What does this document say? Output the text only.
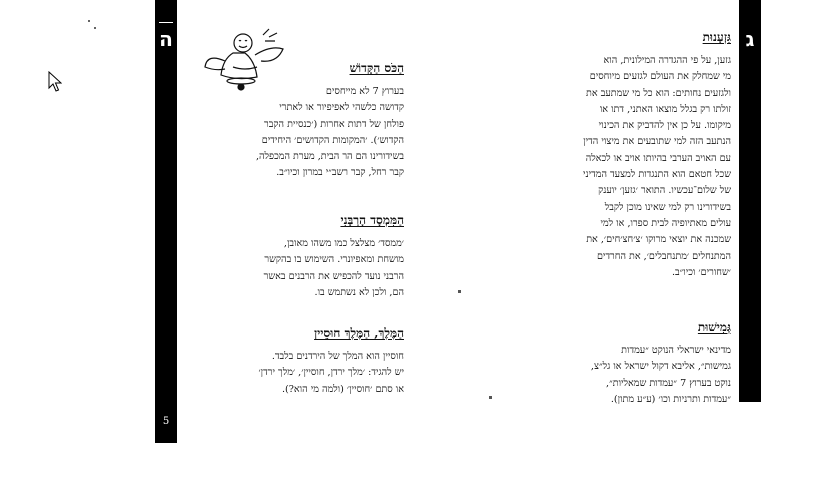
ה
5

הַכֹּס הַקָּדוֹשׁ

בערוץ 7 לא מייחסים
קדושה כלשהי לאפיפיור או לאתרי
פולחן של דתות אחרות (׳כנסיית הקבר
הקדוש׳). ׳המקומות הקדושים׳ היחידים
בשידורינו הם הר הבית, מערת המכפלה,
קבר רחל, קבר רשב״י במרון וכיו״ב.

הַמִּמְסָד הָרַבָּנִי

׳ממסד׳ מצלצל כמו משהו מאובן,
מושחת ומאפיונרי. השימוש בו בהקשר
הרבני נועד להכפיש את הרבנים באשר
הם, ולכן לא נשתמש בו.

הַמֶּלֶךְ, הַמֶּלֶךְ חוּסֵיין

חוסיין הוא המלך של הירדנים בלבד.
יש להגיד: ׳מלך ירדן, חוסיין׳, ׳מלך ירדן׳
או סתם ׳חוסיין׳ (ולמה מי הוא?).

ג

גִּזְעָנוּת

גזען, על פי ההגדרה המילונית, הוא
מי שמחלק את העולם לגזעים מיוחסים
ולגזעים נחותים: הוא כל מי שמתעב את
זולתו רק בגלל מוצאו האתני, דתו או
מיקומו. על כן אין להדביק את הכינוי
הנתעב הזה למי שתובעים את מיצוי הדין
עם האויב הערבי בהיותו אויב או לכאלה
שכל חטאם הוא התנגדות למצעד המדיני
של שלום־עכשיו. התואר ׳גזען׳ יוענק
בשידורינו רק למי שאינו מוכן לקבל
עולים מאתיופיה לבית ספרו, או למי
שמכנה את יוצאי מרוקו ׳צ׳חצ׳חים׳, את
המתנחלים ׳מתנחבלים׳, את החרדים
׳שחורים׳ וכיו״ב.

גְּמִישׁוּת

מדינאי ישראלי הנוקט ״עמדות
גמישות״, אליבא דקול ישראל או גל״צ,
נוקט בערוץ 7 ״עמדות שמאליות״,
״עמדות ותרניות וכו׳ (ע״ע מתון).
